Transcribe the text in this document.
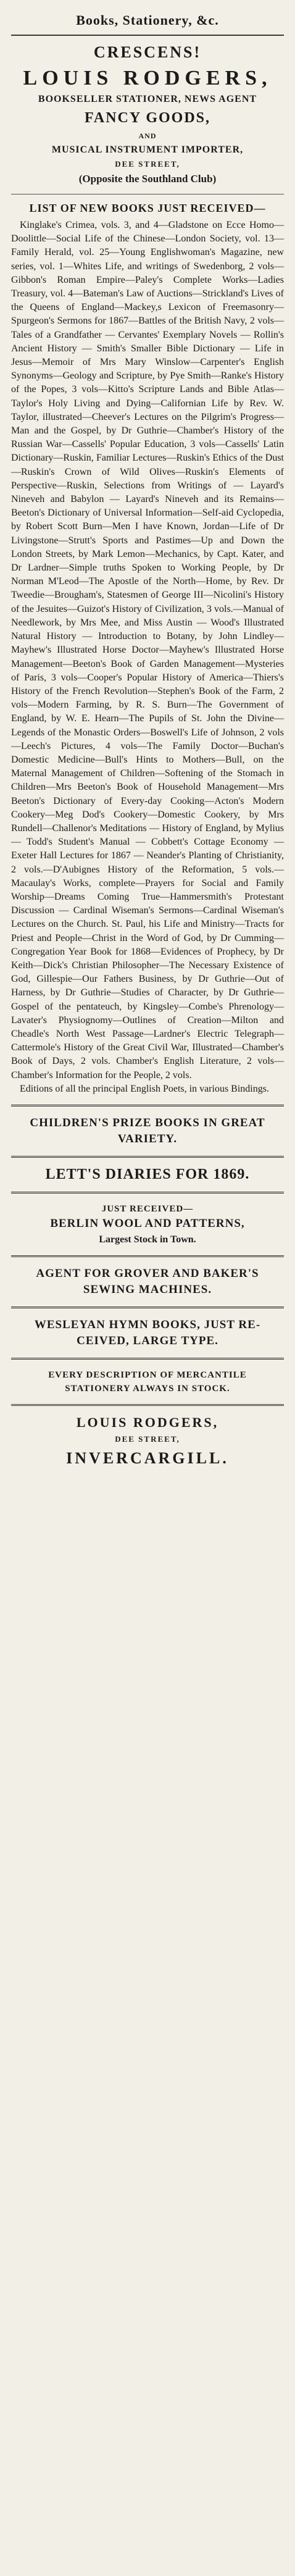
Books, Stationery, &c.

CRESCENS!

LOUIS RODGERS,

BOOKSELLER STATIONER, NEWS AGENT

FANCY GOODS,

AND

MUSICAL INSTRUMENT IMPORTER,

DEE STREET,

(Opposite the Southland Club)

LIST OF NEW BOOKS JUST RECEIVED—

Kinglake's Crimea, vols. 3, and 4—Gladstone on Ecce Homo—Doolittle—Social Life of the Chinese—London Society, vol. 13—Family Herald, vol. 25—Young Englishwoman's Magazine, new series, vol. 1—Whites Life, and writings of Swedenborg, 2 vols—Gibbon's Roman Empire—Paley's Complete Works—Ladies Treasury, vol. 4—Bateman's Law of Auctions—Strickland's Lives of the Queens of England—Mackey,s Lexicon of Freemasonry—Spurgeon's Sermons for 1867—Battles of the British Navy, 2 vols—Tales of a Grandfather — Cervantes' Exemplary Novels — Rollin's Ancient History — Smith's Smaller Bible Dictionary — Life in Jesus—Memoir of Mrs Mary Winslow—Carpenter's English Synonyms—Geology and Scripture, by Pye Smith—Ranke's History of the Popes, 3 vols—Kitto's Scripture Lands and Bible Atlas—Taylor's Holy Living and Dying—Californian Life by Rev. W. Taylor, illustrated—Cheever's Lectures on the Pilgrim's Progress—Man and the Gospel, by Dr Guthrie—Chamber's History of the Russian War—Cassells' Popular Education, 3 vols—Cassells' Latin Dictionary—Ruskin, Familiar Lectures—Ruskin's Ethics of the Dust—Ruskin's Crown of Wild Olives—Ruskin's Elements of Perspective—Ruskin, Selections from Writings of — Layard's Nineveh and Babylon — Layard's Nineveh and its Remains—Beeton's Dictionary of Universal Information—Self-aid Cyclopedia, by Robert Scott Burn—Men I have Known, Jordan—Life of Dr Livingstone—Strutt's Sports and Pastimes—Up and Down the London Streets, by Mark Lemon—Mechanics, by Capt. Kater, and Dr Lardner—Simple truths Spoken to Working People, by Dr Norman M'Leod—The Apostle of the North—Home, by Rev. Dr Tweedie—Brougham's, Statesmen of George III—Nicolini's History of the Jesuites—Guizot's History of Civilization, 3 vols.—Manual of Needlework, by Mrs Mee, and Miss Austin — Wood's Illustrated Natural History — Introduction to Botany, by John Lindley—Mayhew's Illustrated Horse Doctor—Mayhew's Illustrated Horse Management—Beeton's Book of Garden Management—Mysteries of Paris, 3 vols—Cooper's Popular History of America—Thiers's History of the French Revolution—Stephen's Book of the Farm, 2 vols—Modern Farming, by R. S. Burn—The Government of England, by W. E. Hearn—The Pupils of St. John the Divine—Legends of the Monastic Orders—Boswell's Life of Johnson, 2 vols—Leech's Pictures, 4 vols—The Family Doctor—Buchan's Domestic Medicine—Bull's Hints to Mothers—Bull, on the Maternal Management of Children—Softening of the Stomach in Children—Mrs Beeton's Book of Household Management—Mrs Beeton's Dictionary of Every-day Cooking—Acton's Modern Cookery—Meg Dod's Cookery—Domestic Cookery, by Mrs Rundell—Challenor's Meditations — History of England, by Mylius — Todd's Student's Manual — Cobbett's Cottage Economy — Exeter Hall Lectures for 1867 — Neander's Planting of Christianity, 2 vols.—D'Aubignes History of the Reformation, 5 vols.—Macaulay's Works, complete—Prayers for Social and Family Worship—Dreams Coming True—Hammersmith's Protestant Discussion — Cardinal Wiseman's Sermons—Cardinal Wiseman's Lectures on the Church. St. Paul, his Life and Ministry—Tracts for Priest and People—Christ in the Word of God, by Dr Cumming—Congregation Year Book for 1868—Evidences of Prophecy, by Dr Keith—Dick's Christian Philosopher—The Necessary Existence of God, Gillespie—Our Fathers Business, by Dr Guthrie—Out of Harness, by Dr Guthrie—Studies of Character, by Dr Guthrie—Gospel of the pentateuch, by Kingsley—Combe's Phrenology—Lavater's Physiognomy—Outlines of Creation—Milton and Cheadle's North West Passage—Lardner's Electric Telegraph—Cattermole's History of the Great Civil War, Illustrated—Chamber's Book of Days, 2 vols. Chamber's English Literature, 2 vols—Chamber's Information for the People, 2 vols.

Editions of all the principal English Poets, in various Bindings.

CHILDREN'S PRIZE BOOKS IN GREAT

VARIETY.

LETT'S DIARIES FOR 1869.

JUST RECEIVED—

BERLIN WOOL AND PATTERNS,

Largest Stock in Town.

AGENT FOR GROVER AND BAKER'S

SEWING MACHINES.

WESLEYAN HYMN BOOKS, JUST RE-

CEIVED, LARGE TYPE.

EVERY DESCRIPTION OF MERCANTILE

STATIONERY ALWAYS IN STOCK.

LOUIS RODGERS,

DEE STREET,

INVERCARGILL.
